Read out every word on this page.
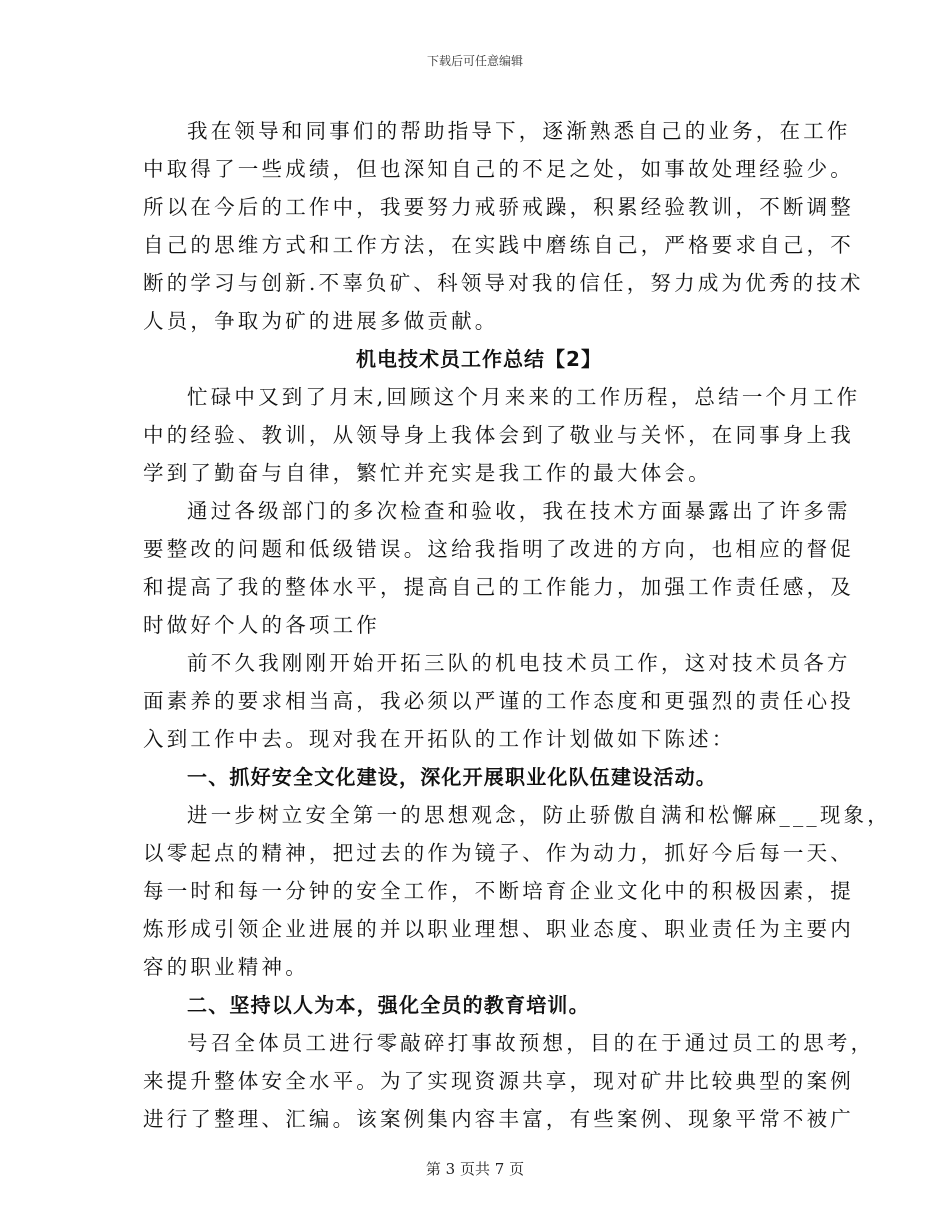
下载后可任意编辑
我在领导和同事们的帮助指导下，逐渐熟悉自己的业务，在工作
中取得了一些成绩，但也深知自己的不足之处，如事故处理经验少。
所以在今后的工作中，我要努力戒骄戒躁，积累经验教训，不断调整
自己的思维方式和工作方法，在实践中磨练自己，严格要求自己，不
断的学习与创新.不辜负矿、科领导对我的信任，努力成为优秀的技术
人员，争取为矿的进展多做贡献。
机电技术员工作总结【2】
忙碌中又到了月末,回顾这个月来来的工作历程，总结一个月工作
中的经验、教训，从领导身上我体会到了敬业与关怀，在同事身上我
学到了勤奋与自律，繁忙并充实是我工作的最大体会。
通过各级部门的多次检查和验收，我在技术方面暴露出了许多需
要整改的问题和低级错误。这给我指明了改进的方向，也相应的督促
和提高了我的整体水平，提高自己的工作能力，加强工作责任感，及
时做好个人的各项工作
前不久我刚刚开始开拓三队的机电技术员工作，这对技术员各方
面素养的要求相当高，我必须以严谨的工作态度和更强烈的责任心投
入到工作中去。现对我在开拓队的工作计划做如下陈述：
一、抓好安全文化建设，深化开展职业化队伍建设活动。
进一步树立安全第一的思想观念，防止骄傲自满和松懈麻___现象，
以零起点的精神，把过去的作为镜子、作为动力，抓好今后每一天、
每一时和每一分钟的安全工作，不断培育企业文化中的积极因素，提
炼形成引领企业进展的并以职业理想、职业态度、职业责任为主要内
容的职业精神。
二、坚持以人为本，强化全员的教育培训。
号召全体员工进行零敲碎打事故预想，目的在于通过员工的思考，
来提升整体安全水平。为了实现资源共享，现对矿井比较典型的案例
进行了整理、汇编。该案例集内容丰富，有些案例、现象平常不被广
第 3 页共 7 页
